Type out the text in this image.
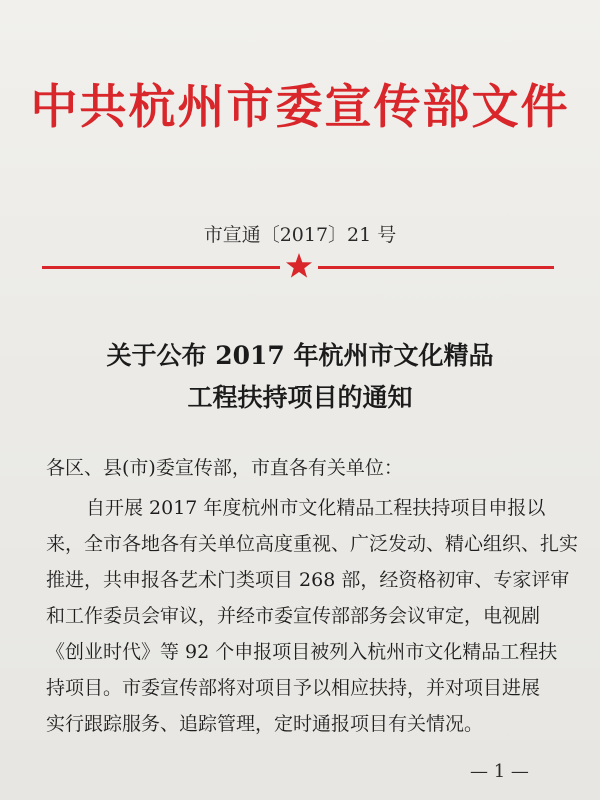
中共杭州市委宣传部文件
市宣通〔2017〕21 号
关于公布 2017 年杭州市文化精品
工程扶持项目的通知
各区、县(市)委宣传部，市直各有关单位：
自开展 2017 年度杭州市文化精品工程扶持项目申报以
来，全市各地各有关单位高度重视、广泛发动、精心组织、扎实
推进，共申报各艺术门类项目 268 部，经资格初审、专家评审
和工作委员会审议，并经市委宣传部部务会议审定，电视剧
《创业时代》等 92 个申报项目被列入杭州市文化精品工程扶
持项目。市委宣传部将对项目予以相应扶持，并对项目进展
实行跟踪服务、追踪管理，定时通报项目有关情况。
— 1 —
